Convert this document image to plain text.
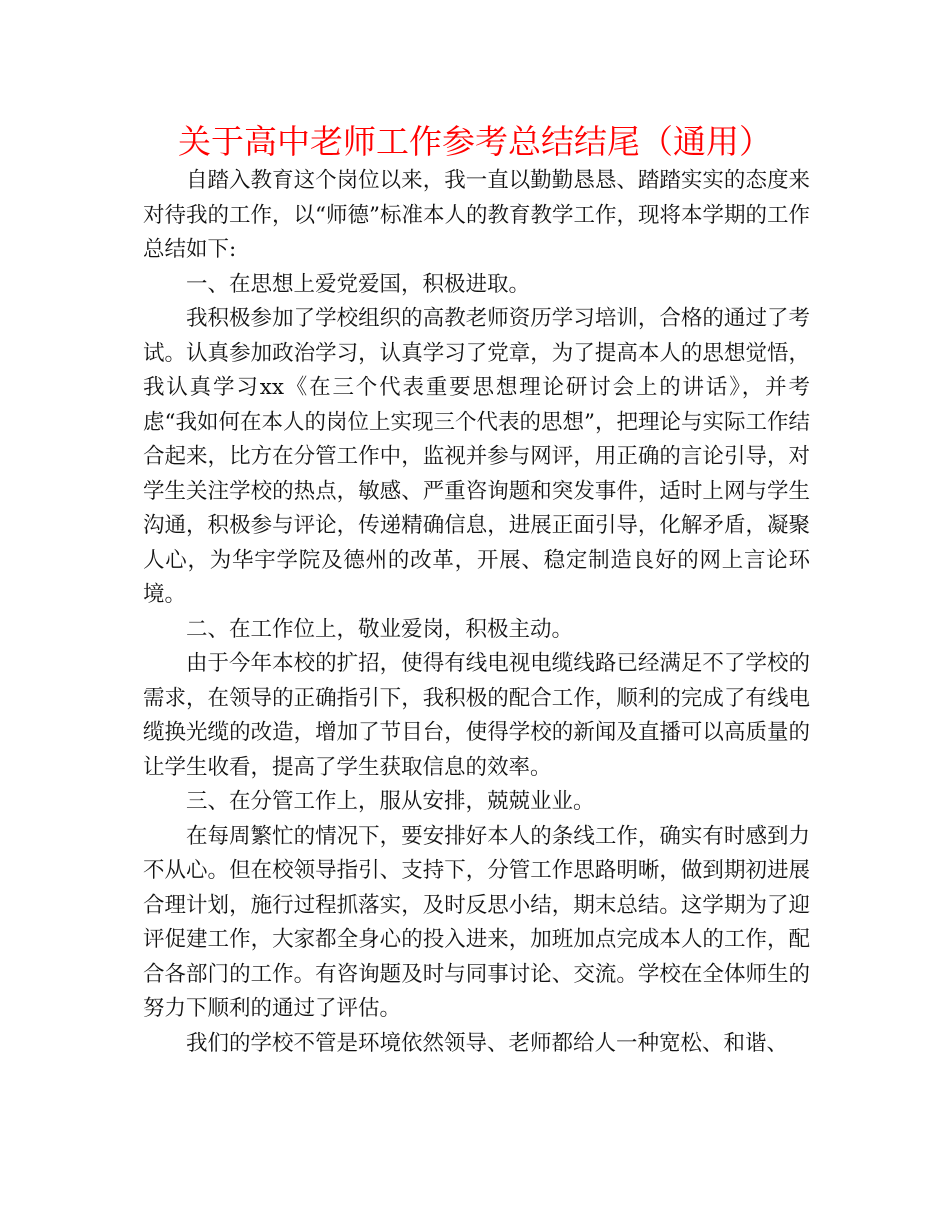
关于高中老师工作参考总结结尾（通用）

自踏入教育这个岗位以来，我一直以勤勤恳恳、踏踏实实的态度来对待我的工作，以“师德”标准本人的教育教学工作，现将本学期的工作总结如下:

一、在思想上爱党爱国，积极进取。

我积极参加了学校组织的高教老师资历学习培训，合格的通过了考试。认真参加政治学习，认真学习了党章，为了提高本人的思想觉悟，我认真学习xx《在三个代表重要思想理论研讨会上的讲话》，并考虑“我如何在本人的岗位上实现三个代表的思想”，把理论与实际工作结合起来，比方在分管工作中，监视并参与网评，用正确的言论引导，对学生关注学校的热点，敏感、严重咨询题和突发事件，适时上网与学生沟通，积极参与评论，传递精确信息，进展正面引导，化解矛盾，凝聚人心，为华宇学院及德州的改革，开展、稳定制造良好的网上言论环境。

二、在工作位上，敬业爱岗，积极主动。

由于今年本校的扩招，使得有线电视电缆线路已经满足不了学校的需求，在领导的正确指引下，我积极的配合工作，顺利的完成了有线电缆换光缆的改造，增加了节目台，使得学校的新闻及直播可以高质量的让学生收看，提高了学生获取信息的效率。

三、在分管工作上，服从安排，兢兢业业。

在每周繁忙的情况下，要安排好本人的条线工作，确实有时感到力不从心。但在校领导指引、支持下，分管工作思路明晰，做到期初进展合理计划，施行过程抓落实，及时反思小结，期末总结。这学期为了迎评促建工作，大家都全身心的投入进来，加班加点完成本人的工作，配合各部门的工作。有咨询题及时与同事讨论、交流。学校在全体师生的努力下顺利的通过了评估。

我们的学校不管是环境依然领导、老师都给人一种宽松、和谐、
